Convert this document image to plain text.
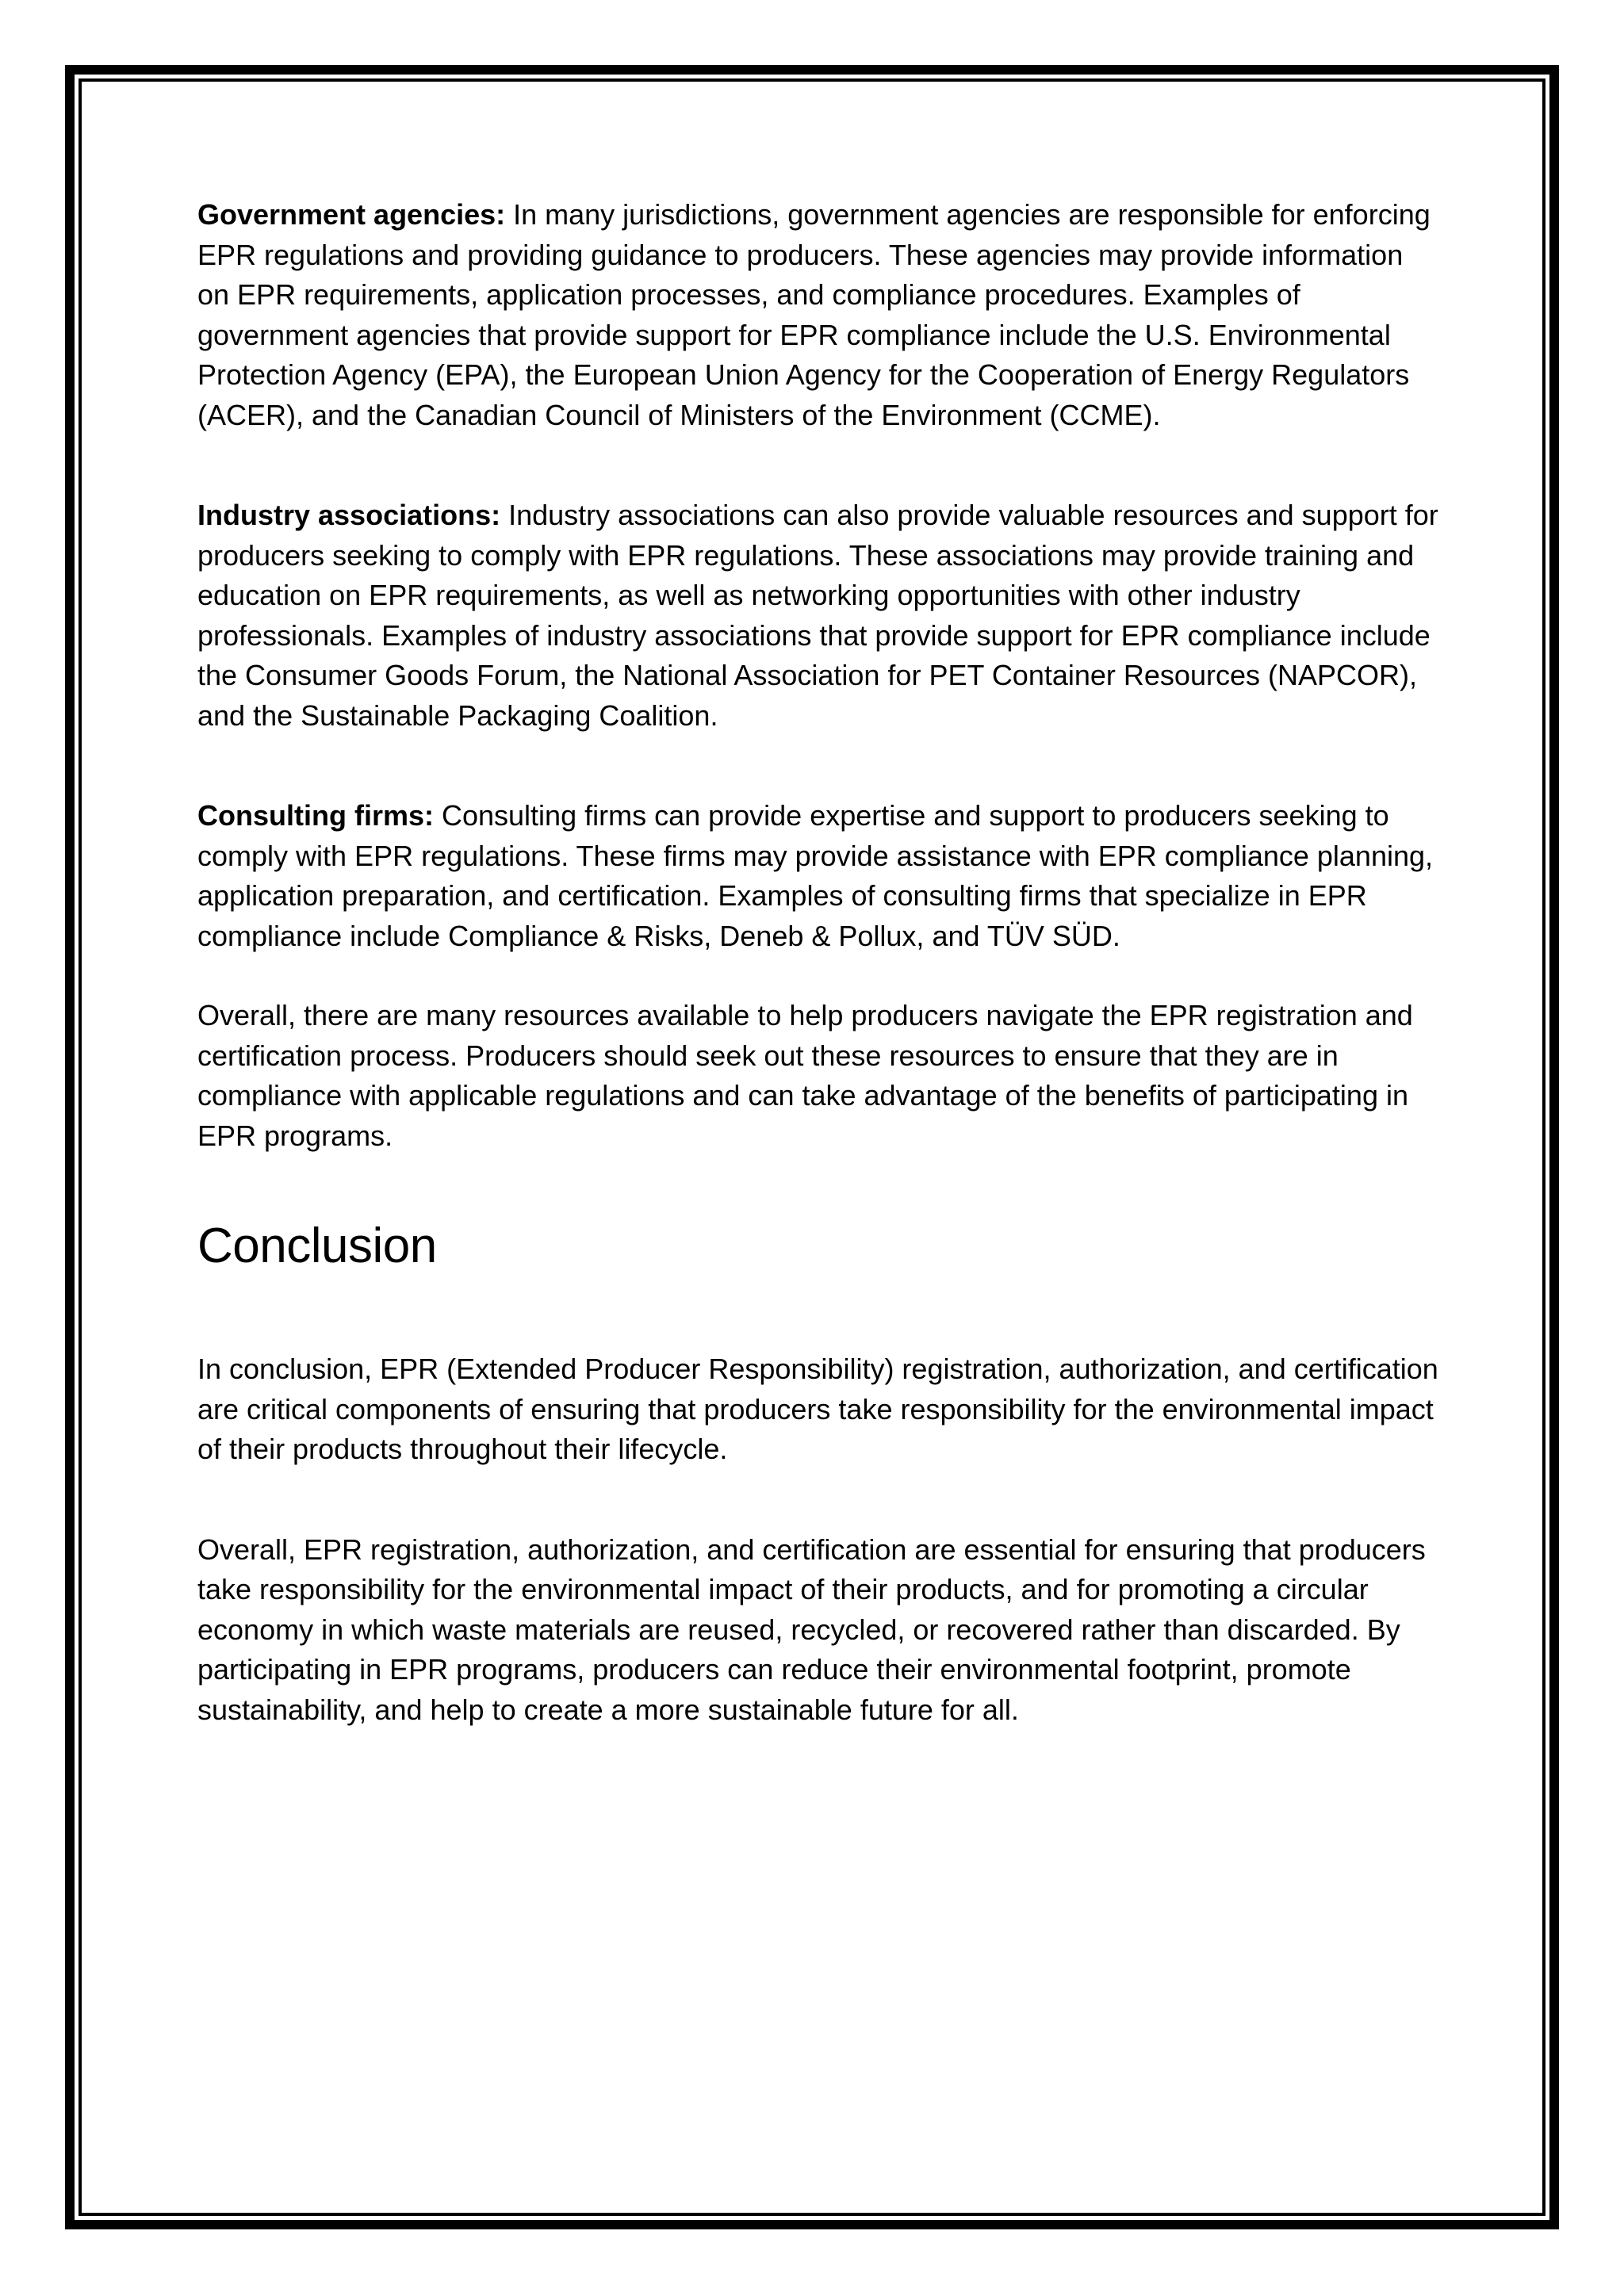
Government agencies: In many jurisdictions, government agencies are responsible for enforcing EPR regulations and providing guidance to producers. These agencies may provide information on EPR requirements, application processes, and compliance procedures. Examples of government agencies that provide support for EPR compliance include the U.S. Environmental Protection Agency (EPA), the European Union Agency for the Cooperation of Energy Regulators (ACER), and the Canadian Council of Ministers of the Environment (CCME).

Industry associations: Industry associations can also provide valuable resources and support for producers seeking to comply with EPR regulations. These associations may provide training and education on EPR requirements, as well as networking opportunities with other industry professionals. Examples of industry associations that provide support for EPR compliance include the Consumer Goods Forum, the National Association for PET Container Resources (NAPCOR), and the Sustainable Packaging Coalition.

Consulting firms: Consulting firms can provide expertise and support to producers seeking to comply with EPR regulations. These firms may provide assistance with EPR compliance planning, application preparation, and certification. Examples of consulting firms that specialize in EPR compliance include Compliance & Risks, Deneb & Pollux, and TÜV SÜD.

Overall, there are many resources available to help producers navigate the EPR registration and certification process. Producers should seek out these resources to ensure that they are in compliance with applicable regulations and can take advantage of the benefits of participating in EPR programs.

Conclusion

In conclusion, EPR (Extended Producer Responsibility) registration, authorization, and certification are critical components of ensuring that producers take responsibility for the environmental impact of their products throughout their lifecycle.

Overall, EPR registration, authorization, and certification are essential for ensuring that producers take responsibility for the environmental impact of their products, and for promoting a circular economy in which waste materials are reused, recycled, or recovered rather than discarded. By participating in EPR programs, producers can reduce their environmental footprint, promote sustainability, and help to create a more sustainable future for all.
